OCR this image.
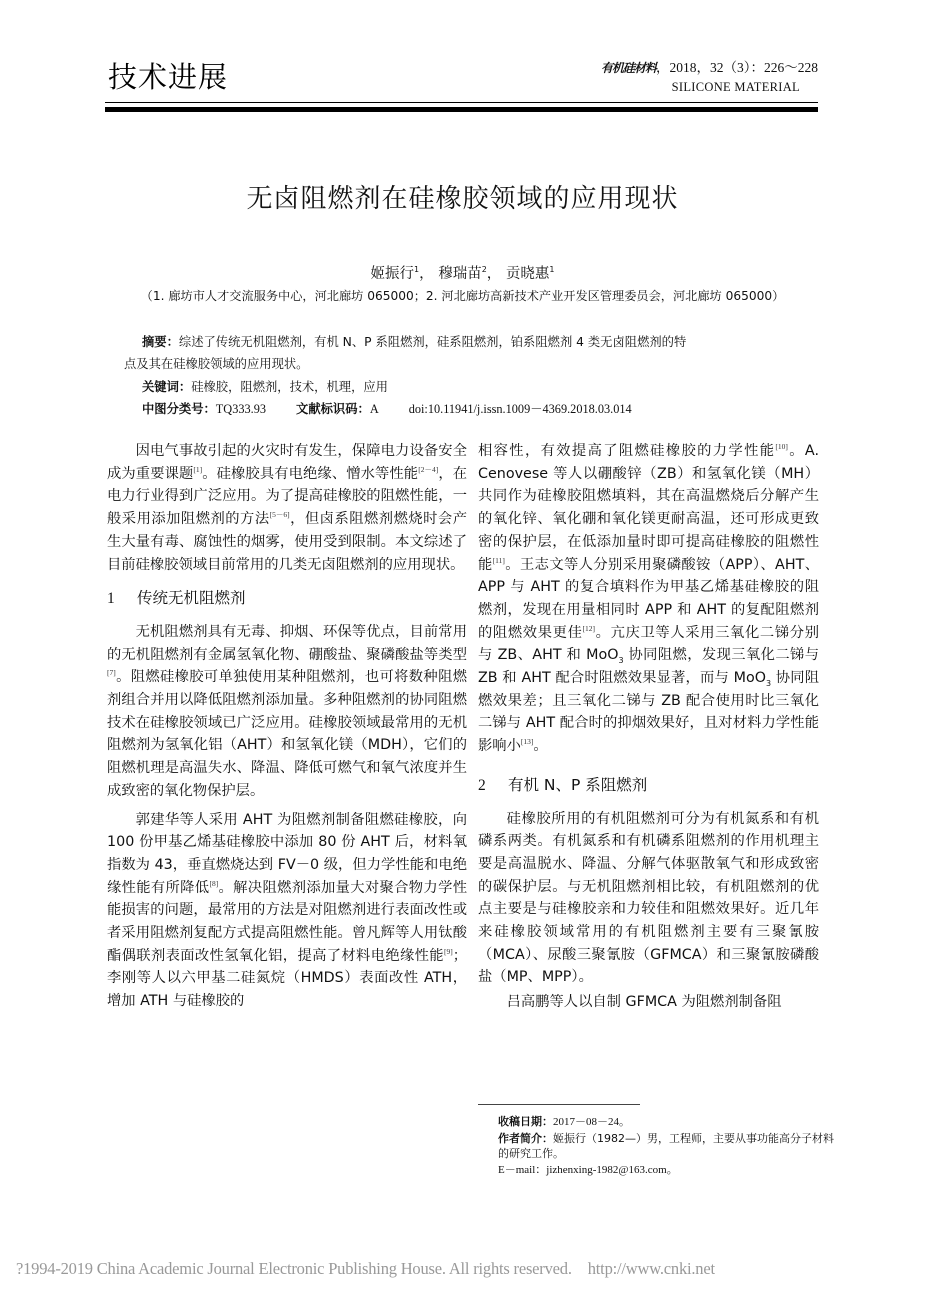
技术进展	有机硅材料，2018，32（3）：226～228
SILICONE MATERIAL
无卤阻燃剂在硅橡胶领域的应用现状
姬振行$^1$， 穆瑞苗$^2$， 贡晓惠$^1$
（1. 廊坊市人才交流服务中心，河北廊坊 065000；2. 河北廊坊高新技术产业开发区管理委员会，河北廊坊 065000）

摘要：综述了传统无机阻燃剂，有机 N、P 系阻燃剂，硅系阻燃剂，铂系阻燃剂 4 类无卤阻燃剂的特

点及其在硅橡胶领域的应用现状。

关键词：硅橡胶，阻燃剂，技术，机理，应用

中图分类号：TQ333.93 文献标识码：A doi:10.11941/j.issn.1009－4369.2018.03.014

因电气事故引起的火灾时有发生，保障电力设备安全成为重要课题[1]。硅橡胶具有电绝缘、憎水等性能[2－4]，在电力行业得到广泛应用。为了提高硅橡胶的阻燃性能，一般采用添加阻燃剂的方法[5－6]，但卤系阻燃剂燃烧时会产生大量有毒、腐蚀性的烟雾，使用受到限制。本文综述了目前硅橡胶领域目前常用的几类无卤阻燃剂的应用现状。

1 传统无机阻燃剂

无机阻燃剂具有无毒、抑烟、环保等优点，目前常用的无机阻燃剂有金属氢氧化物、硼酸盐、聚磷酸盐等类型[7]。阻燃硅橡胶可单独使用某种阻燃剂，也可将数种阻燃剂组合并用以降低阻燃剂添加量。多种阻燃剂的协同阻燃技术在硅橡胶领域已广泛应用。硅橡胶领域最常用的无机阻燃剂为氢氧化铝（AHT）和氢氧化镁（MDH），它们的阻燃机理是高温失水、降温、降低可燃气和氧气浓度并生成致密的氧化物保护层。

郭建华等人采用 AHT 为阻燃剂制备阻燃硅橡胶，向 100 份甲基乙烯基硅橡胶中添加 80 份 AHT 后，材料氧指数为 43，垂直燃烧达到 FV－0 级，但力学性能和电绝缘性能有所降低[8]。解决阻燃剂添加量大对聚合物力学性能损害的问题，最常用的方法是对阻燃剂进行表面改性或者采用阻燃剂复配方式提高阻燃性能。曾凡辉等人用钛酸酯偶联剂表面改性氢氧化铝，提高了材料电绝缘性能[9]；李刚等人以六甲基二硅氮烷（HMDS）表面改性 ATH，增加 ATH 与硅橡胶的

相容性，有效提高了阻燃硅橡胶的力学性能[10]。A. Cenovese 等人以硼酸锌（ZB）和氢氧化镁（MH）共同作为硅橡胶阻燃填料，其在高温燃烧后分解产生的氧化锌、氧化硼和氧化镁更耐高温，还可形成更致密的保护层，在低添加量时即可提高硅橡胶的阻燃性能[11]。王志文等人分别采用聚磷酸铵（APP）、AHT、APP 与 AHT 的复合填料作为甲基乙烯基硅橡胶的阻燃剂，发现在用量相同时 APP 和 AHT 的复配阻燃剂的阻燃效果更佳[12]。亢庆卫等人采用三氧化二锑分别与 ZB、AHT 和 MoO$_3$ 协同阻燃，发现三氧化二锑与 ZB 和 AHT 配合时阻燃效果显著，而与 MoO$_3$ 协同阻燃效果差；且三氧化二锑与 ZB 配合使用时比三氧化二锑与 AHT 配合时的抑烟效果好，且对材料力学性能影响小[13]。

2 有机 N、P 系阻燃剂

硅橡胶所用的有机阻燃剂可分为有机氮系和有机磷系两类。有机氮系和有机磷系阻燃剂的作用机理主要是高温脱水、降温、分解气体驱散氧气和形成致密的碳保护层。与无机阻燃剂相比较，有机阻燃剂的优点主要是与硅橡胶亲和力较佳和阻燃效果好。近几年来硅橡胶领域常用的有机阻燃剂主要有三聚氰胺（MCA）、尿酸三聚氰胺（GFMCA）和三聚氰胺磷酸盐（MP、MPP）。

吕高鹏等人以自制 GFMCA 为阻燃剂制备阻

收稿日期：2017－08－24。

作者简介：姬振行（1982—）男，工程师，主要从事功能高分子材料的研究工作。

E－mail：jizhenxing-1982@163.com。

?1994-2019 China Academic Journal Electronic Publishing House. All rights reserved. http://www.cnki.net
